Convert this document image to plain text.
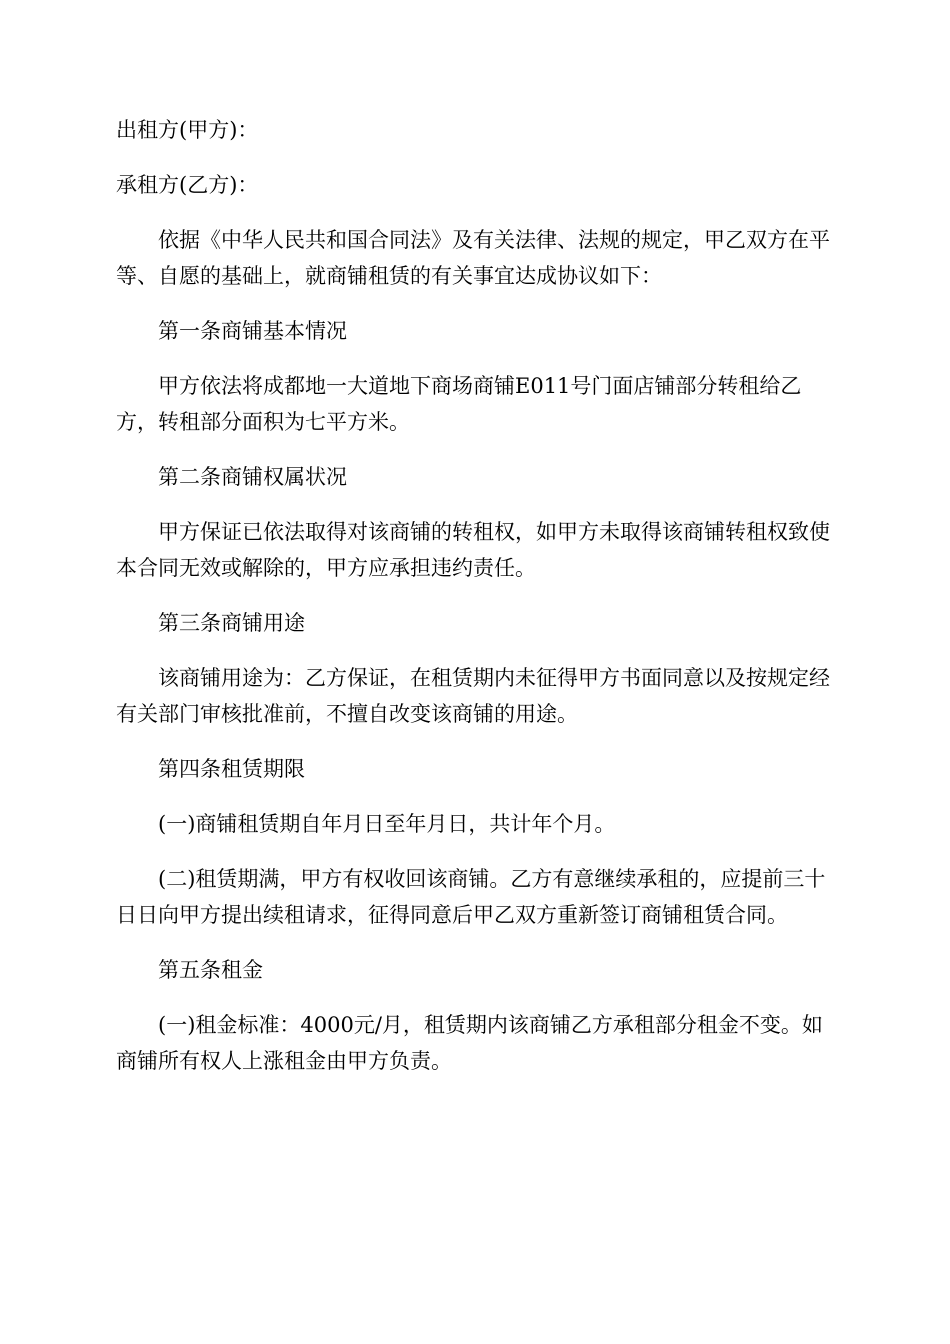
出租方(甲方)：

承租方(乙方)：

依据《中华人民共和国合同法》及有关法律、法规的规定，甲乙双方在平等、自愿的基础上，就商铺租赁的有关事宜达成协议如下：

第一条商铺基本情况

甲方依法将成都地一大道地下商场商铺E011号门面店铺部分转租给乙方，转租部分面积为七平方米。

第二条商铺权属状况

甲方保证已依法取得对该商铺的转租权，如甲方未取得该商铺转租权致使本合同无效或解除的，甲方应承担违约责任。

第三条商铺用途

该商铺用途为：乙方保证，在租赁期内未征得甲方书面同意以及按规定经有关部门审核批准前，不擅自改变该商铺的用途。

第四条租赁期限

(一)商铺租赁期自年月日至年月日，共计年个月。

(二)租赁期满，甲方有权收回该商铺。乙方有意继续承租的，应提前三十日日向甲方提出续租请求，征得同意后甲乙双方重新签订商铺租赁合同。

第五条租金

(一)租金标准：4000元/月，租赁期内该商铺乙方承租部分租金不变。如商铺所有权人上涨租金由甲方负责。
